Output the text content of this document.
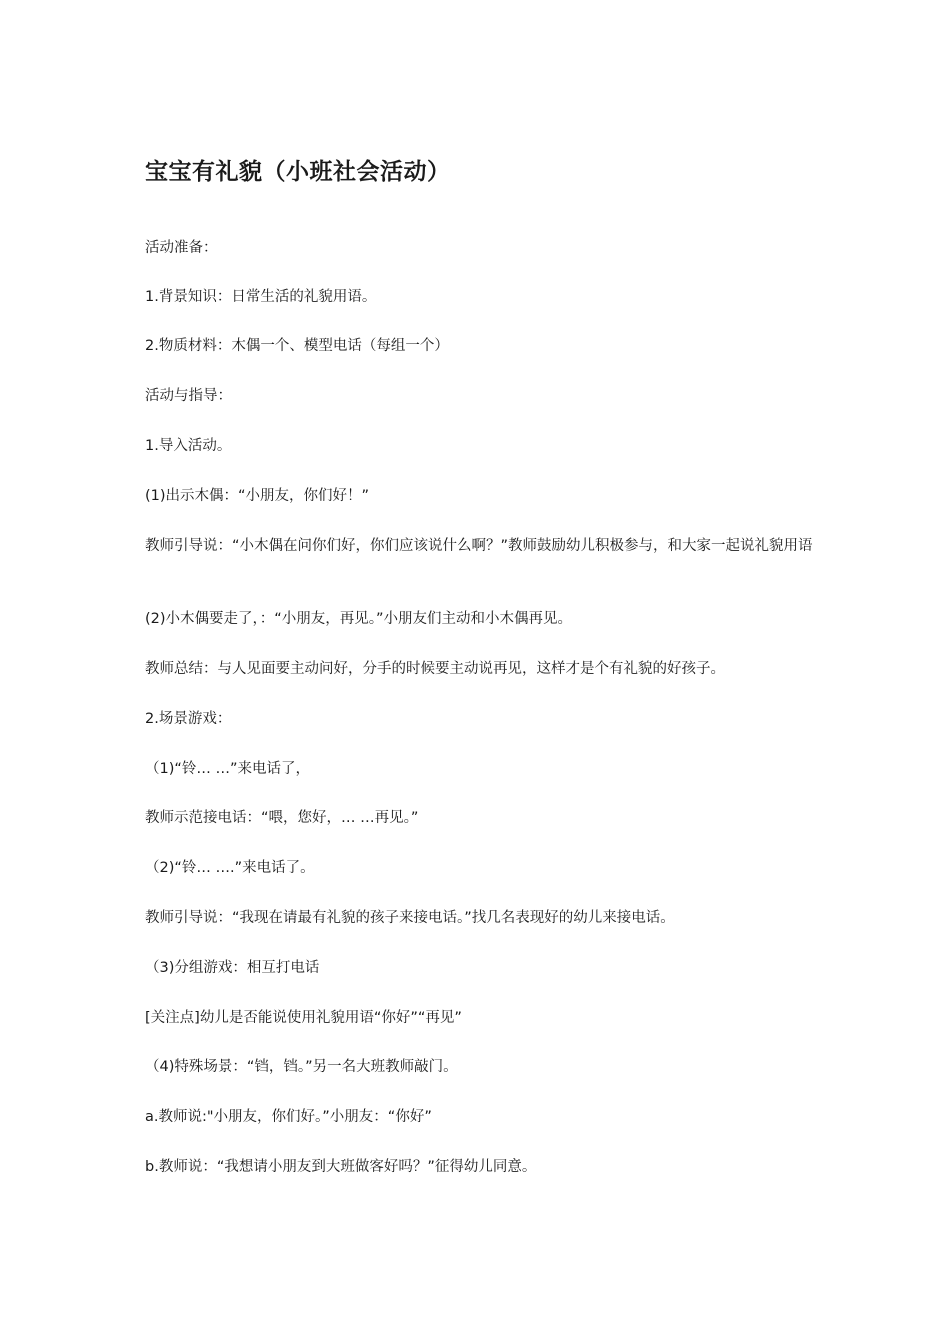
宝宝有礼貌（小班社会活动）
活动准备：
1.背景知识：日常生活的礼貌用语。
2.物质材料：木偶一个、模型电话（每组一个）
活动与指导：
1.导入活动。
(1)出示木偶：“小朋友，你们好！”
教师引导说：“小木偶在问你们好，你们应该说什么啊？”教师鼓励幼儿积极参与，和大家一起说礼貌用语
(2)小木偶要走了，：“小朋友，再见。”小朋友们主动和小木偶再见。
教师总结：与人见面要主动问好，分手的时候要主动说再见，这样才是个有礼貌的好孩子。
2.场景游戏：
（1)“铃… …”来电话了，
教师示范接电话：“喂，您好，… …再见。”
（2)“铃… ….”来电话了。
教师引导说：“我现在请最有礼貌的孩子来接电话。”找几名表现好的幼儿来接电话。
（3)分组游戏：相互打电话
[关注点]幼儿是否能说使用礼貌用语“你好”“再见”
（4)特殊场景：“铛，铛。”另一名大班教师敲门。
a.教师说:"小朋友，你们好。”小朋友：“你好”
b.教师说：“我想请小朋友到大班做客好吗？”征得幼儿同意。
